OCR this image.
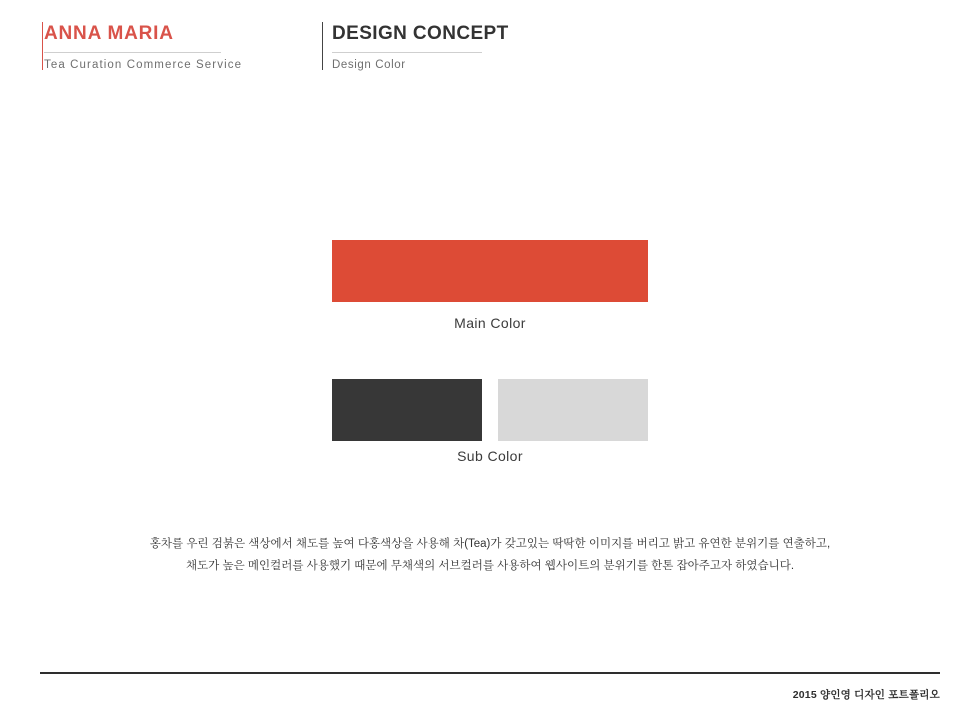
ANNA MARIA
Tea Curation Commerce Service
DESIGN CONCEPT
Design Color
Main Color
Sub Color

홍차를 우린 검붉은 색상에서 채도를 높여 다홍색상을 사용해 차(Tea)가 갖고있는 딱딱한 이미지를 버리고 밝고 유연한 분위기를 연출하고,

채도가 높은 메인컬러를 사용했기 때문에 무채색의 서브컬러를 사용하여 웹사이트의 분위기를 한톤 잡아주고자 하였습니다.

2015 양인영 디자인 포트폴리오
